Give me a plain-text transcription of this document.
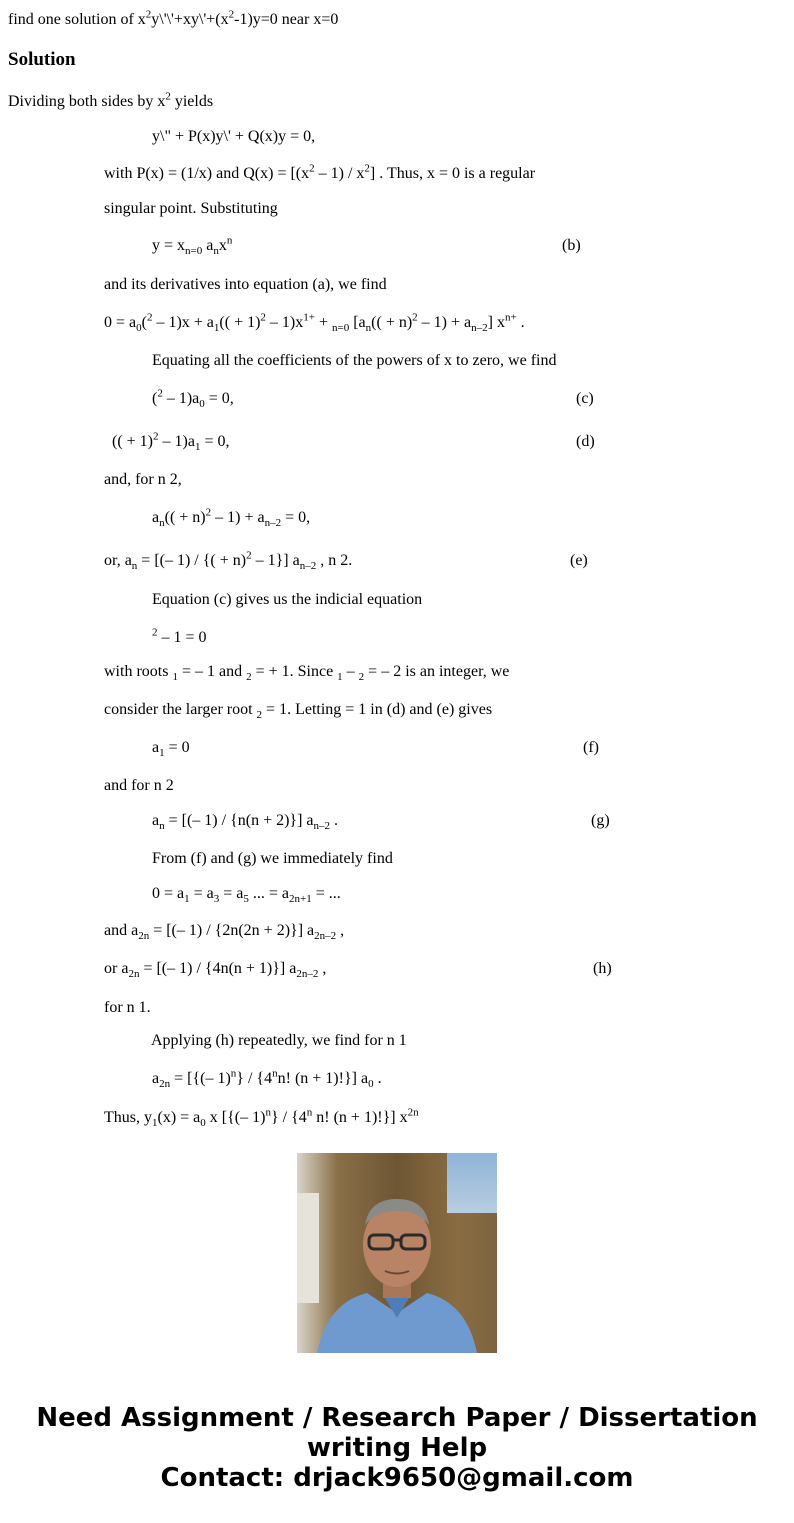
find one solution of $x^2y\backslash'\backslash'+xy\backslash'+(x^2-1)y=0$ near x=0
Solution
Dividing both sides by $x^2$ yields
y\" + P(x)y\' + Q(x)y = 0,
with P(x) = (1/x) and $Q(x) = [(x^2 - 1) / x^2]$ . Thus, x = 0 is a regular
singular point. Substituting
$y = x_{n=0}$ $a_nx^n$	(b)
and its derivatives into equation (a), we find
$0 = a_0(^2 - 1)x + a_1(( + 1)^2 - 1)x^{1+} + _{n=0}$ $[a_n(( + n)^2 - 1) + a_{n-2}]$ $x^{n+}$ .
Equating all the coefficients of the powers of x to zero, we find
$(^2 - 1)a_0 = 0$,	(c)
(( + $1)^2 - 1)a_1 = 0$,	(d)
and, for n 2,
$a_n(( + n)^2 - 1) + a_{n-2} = 0$,
or, $a_n$ = [(– 1) / {( + n)$^2$ – 1}] $a_{n-2}$ , n 2.	(e)
Equation (c) gives us the indicial equation
$^2$ – 1 = 0
with roots $_1$ = – 1 and $_2$ = + 1. Since $_1$ – $_2$ = – 2 is an integer, we
consider the larger root $_2$ = 1. Letting = 1 in (d) and (e) gives
$a_1 = 0$	(f)
and for n 2
$a_n$ = [(– 1) / {n(n + 2)}] $a_{n-2}$ .	(g)
From (f) and (g) we immediately find
$0 = a_1 = a_3 = a_5$ ... = $a_{2n+1}$ = ...
and $a_{2n}$ = [(– 1) / {2n(2n + 2)}] $a_{2n-2}$ ,
or $a_{2n}$ = [(– 1) / {4n(n + 1)}] $a_{2n-2}$ ,	(h)
for n 1.
Applying (h) repeatedly, we find for n 1
$a_{2n}$ = [{(– 1)$^n$} / {4$^n$n! (n + 1)!}] $a_0$ .
Thus, $y_1(x) = a_0$ x [{(– 1)$^n$} / {4$^n$ n! (n + 1)!}] $x^{2n}$
Need Assignment / Research Paper / Dissertation
writing Help
Contact: drjack9650@gmail.com
